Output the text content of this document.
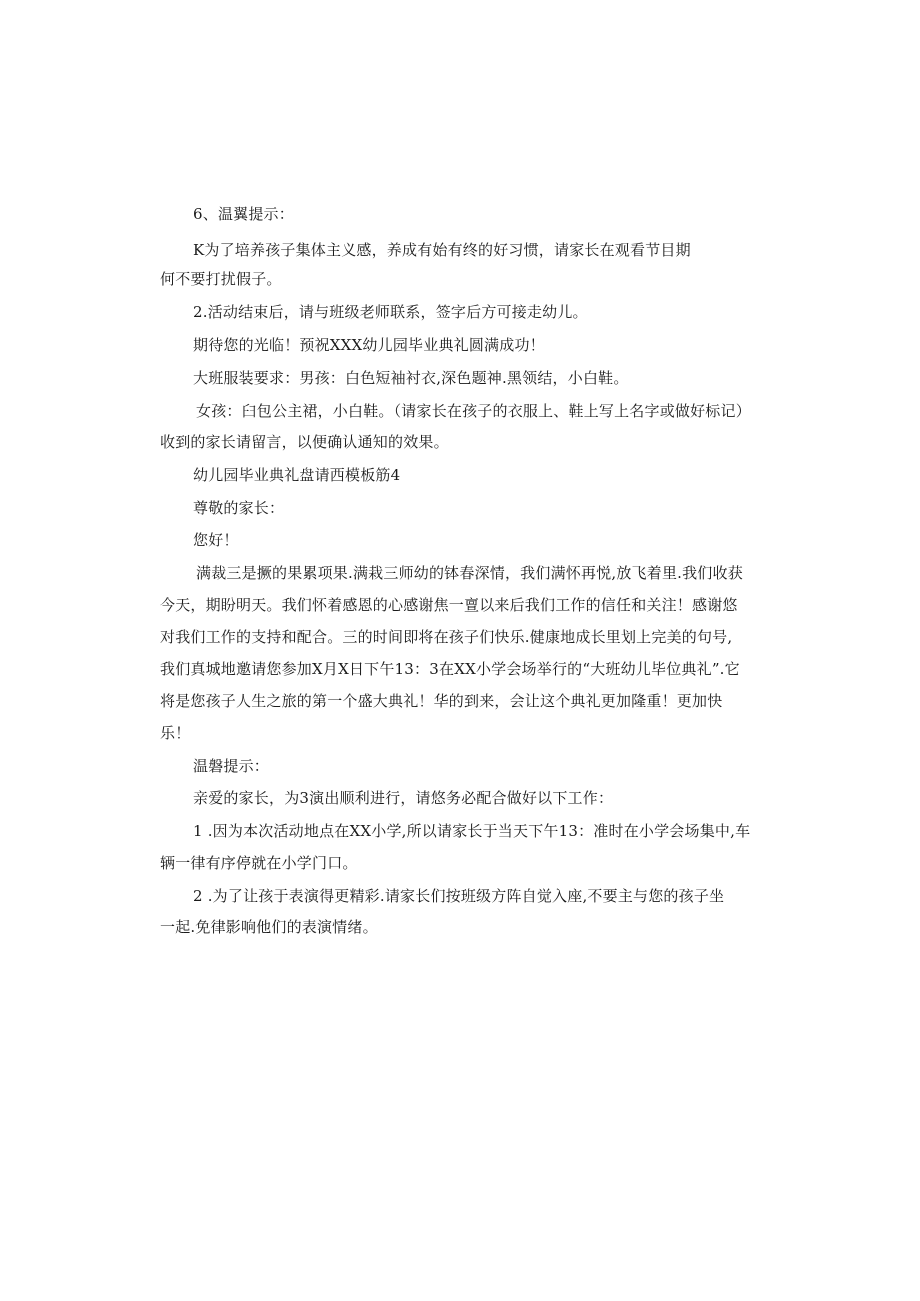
6、温翼提示：
K为了培养孩子集体主义感，养成有始有终的好习惯，请家长在观看节目期
何不要打扰假子。
2.活动结束后，请与班级老师联系，签字后方可接走幼儿。
期待您的光临！预祝XXX幼儿园毕业典礼圆满成功！
大班服装要求：男孩：白色短袖衬衣,深色题神.黑领结，小白鞋。
女孩：臼包公主裙，小白鞋。（请家长在孩子的衣服上、鞋上写上名字或做好标记）
收到的家长请留言，以便确认通知的效果。
幼儿园毕业典礼盘请西模板筋4
尊敬的家长：
您好！
满裁三是撅的果累项果.满栽三师幼的钵春深情，我们满怀再悦,放飞着里.我们收获
今天，期盼明天。我们怀着感恩的心感谢焦一亶以来后我们工作的信任和关注！感谢悠
对我们工作的支持和配合。三的时间即将在孩子们快乐.健康地成长里划上完美的句号,
我们真城地邀请您参加X月X日下午13：3在XX小学会场举行的“大班幼儿毕位典礼”.它
将是您孩子人生之旅的第一个盛大典礼！华的到来，会让这个典礼更加隆重！更加快
乐！
温磐提示：
亲爱的家长，为3演出顺利进行，请悠务必配合做好以下工作：
1 .因为本次活动地点在XX小学,所以请家长于当天下午13：准时在小学会场集中,车
辆一律有序停就在小学门口。
2 .为了让孩于表演得更精彩.请家长们按班级方阵自觉入座,不要主与您的孩子坐
一起.免律影响他们的表演情绪。
